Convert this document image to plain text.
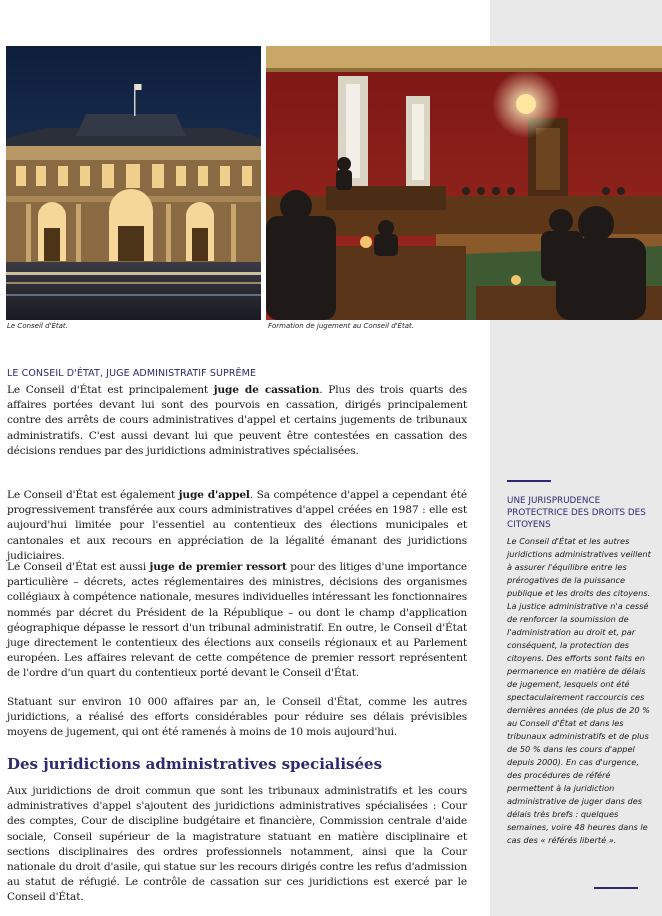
Le Conseil d'État.	Formation de jugement au Conseil d'État.
LE CONSEIL D'ÉTAT, JUGE ADMINISTRATIF SUPRÊME

Le Conseil d'État est principalement juge de cassation. Plus des trois quarts des affaires portées devant lui sont des pourvois en cassation, dirigés principalement contre des arrêts de cours administratives d'appel et certains jugements de tribunaux administratifs. C'est aussi devant lui que peuvent être contestées en cassation des décisions rendues par des juridictions administratives spécialisées.

Le Conseil d'État est également juge d'appel. Sa compétence d'appel a cependant été progressivement transférée aux cours administratives d'appel créées en 1987 : elle est aujourd'hui limitée pour l'essentiel au contentieux des élections municipales et cantonales et aux recours en appréciation de la légalité émanant des juridictions judiciaires.

Le Conseil d'État est aussi juge de premier ressort pour des litiges d'une importance particulière – décrets, actes réglementaires des ministres, décisions des organismes collégiaux à compétence nationale, mesures individuelles intéressant les fonctionnaires nommés par décret du Président de la République – ou dont le champ d'application géographique dépasse le ressort d'un tribunal administratif. En outre, le Conseil d'État juge directement le contentieux des élections aux conseils régionaux et au Parlement européen. Les affaires relevant de cette compétence de premier ressort représentent de l'ordre d'un quart du contentieux porté devant le Conseil d'État.

Statuant sur environ 10 000 affaires par an, le Conseil d'État, comme les autres juridictions, a réalisé des efforts considérables pour réduire ses délais prévisibles moyens de jugement, qui ont été ramenés à moins de 10 mois aujourd'hui.

Des juridictions administratives specialisées

Aux juridictions de droit commun que sont les tribunaux administratifs et les cours administratives d'appel s'ajoutent des juridictions administratives spécialisées : Cour des comptes, Cour de discipline budgétaire et financière, Commission centrale d'aide sociale, Conseil supérieur de la magistrature statuant en matière disciplinaire et sections disciplinaires des ordres professionnels notamment, ainsi que la Cour nationale du droit d'asile, qui statue sur les recours dirigés contre les refus d'admission au statut de réfugié. Le contrôle de cassation sur ces juridictions est exercé par le Conseil d'État.

UNE JURISPRUDENCE PROTECTRICE DES DROITS DES CITOYENS
Le Conseil d'État et les autres juridictions administratives veillent à assurer l'équilibre entre les prérogatives de la puissance publique et les droits des citoyens. La justice administrative n'a cessé de renforcer la soumission de l'administration au droit et, par conséquent, la protection des citoyens. Des efforts sont faits en permanence en matière de délais de jugement, lesquels ont été spectaculairement raccourcis ces dernières années (de plus de 20 % au Conseil d'État et dans les tribunaux administratifs et de plus de 50 % dans les cours d'appel depuis 2000). En cas d'urgence, des procédures de référé permettent à la juridiction administrative de juger dans des délais très brefs : quelques semaines, voire 48 heures dans le cas des « référés liberté ».
